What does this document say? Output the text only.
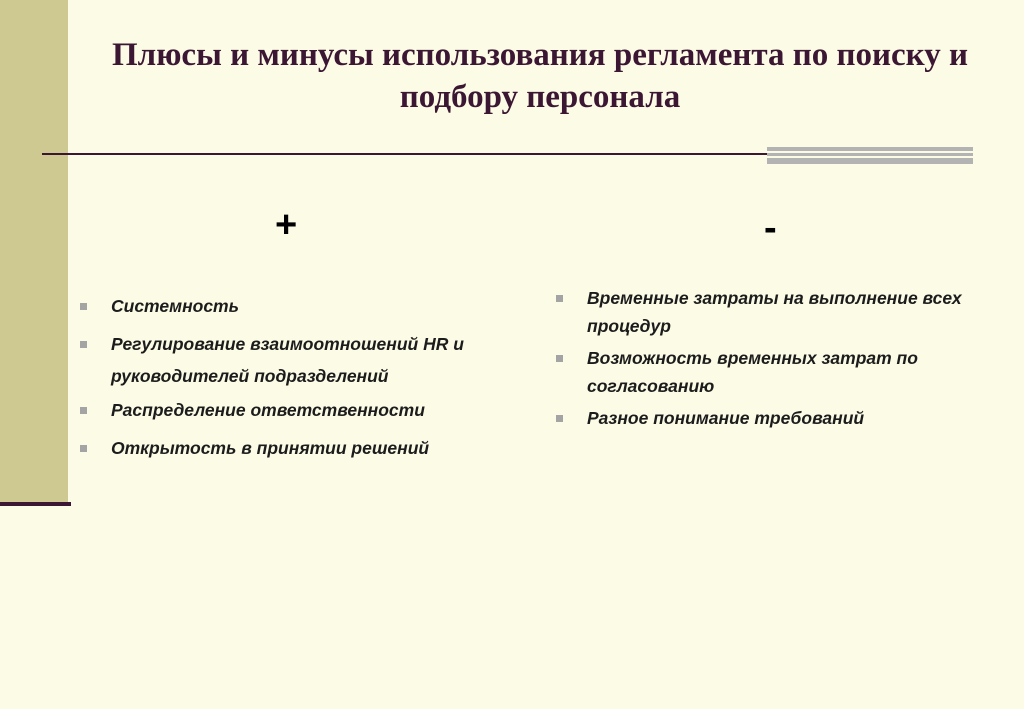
Плюсы и минусы использования регламента по поиску и подбору персонала
+	-
Системность
Регулирование взаимоотношений HR и руководителей подразделений
Распределение ответственности
Открытость в принятии решений
Временные затраты на выполнение всех процедур
Возможность временных затрат по согласованию
Разное понимание требований
